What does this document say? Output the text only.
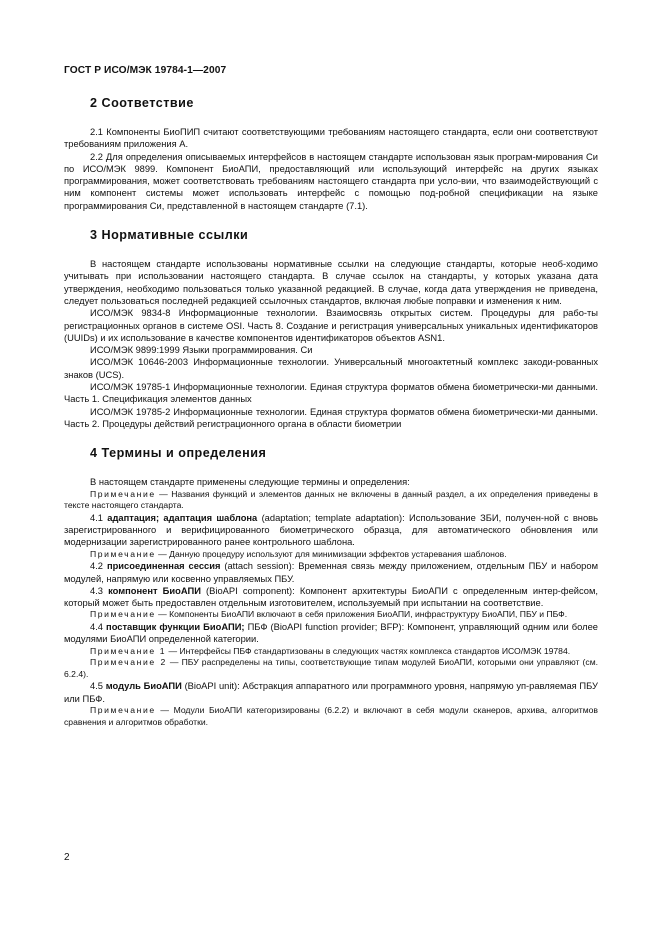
ГОСТ Р ИСО/МЭК 19784-1—2007
2 Соответствие

2.1 Компоненты БиоПИП считают соответствующими требованиям настоящего стандарта, если они соответствуют требованиям приложения А.

2.2 Для определения описываемых интерфейсов в настоящем стандарте использован язык програм-мирования Си по ИСО/МЭК 9899. Компонент БиоАПИ, предоставляющий или использующий интерфейс на других языках программирования, может соответствовать требованиям настоящего стандарта при усло-вии, что взаимодействующий с ним компонент системы может использовать интерфейс с помощью под-робной спецификации на языке программирования Си, представленной в настоящем стандарте (7.1).

3 Нормативные ссылки

В настоящем стандарте использованы нормативные ссылки на следующие стандарты, которые необ-ходимо учитывать при использовании настоящего стандарта. В случае ссылок на стандарты, у которых указана дата утверждения, необходимо пользоваться только указанной редакцией. В случае, когда дата утверждения не приведена, следует пользоваться последней редакцией ссылочных стандартов, включая любые поправки и изменения к ним.

ИСО/МЭК 9834-8 Информационные технологии. Взаимосвязь открытых систем. Процедуры для рабо-ты регистрационных органов в системе OSI. Часть 8. Создание и регистрация универсальных уникальных идентификаторов (UUIDs) и их использование в качестве компонентов идентификаторов объектов ASN1.

ИСО/МЭК 9899:1999 Языки программирования. Си

ИСО/МЭК 10646-2003 Информационные технологии. Универсальный многоактетный комплекс закоди-рованных знаков (UCS).

ИСО/МЭК 19785-1 Информационные технологии. Единая структура форматов обмена биометрически-ми данными. Часть 1. Спецификация элементов данных

ИСО/МЭК 19785-2 Информационные технологии. Единая структура форматов обмена биометрически-ми данными. Часть 2. Процедуры действий регистрационного органа в области биометрии

4 Термины и определения

В настоящем стандарте применены следующие термины и определения:

Примечание — Названия функций и элементов данных не включены в данный раздел, а их определения приведены в тексте настоящего стандарта.

4.1 адаптация; адаптация шаблона (adaptation; template adaptation): Использование ЗБИ, получен-ной с вновь зарегистрированного и верифицированного биометрического образца, для автоматического обновления или модернизации зарегистрированного ранее контрольного шаблона.

Примечание — Данную процедуру используют для минимизации эффектов устаревания шаблонов.

4.2 присоединенная сессия (attach session): Временная связь между приложением, отдельным ПБУ и набором модулей, напрямую или косвенно управляемых ПБУ.

4.3 компонент БиоАПИ (BioAPI component): Компонент архитектуры БиоАПИ с определенным интер-фейсом, который может быть предоставлен отдельным изготовителем, используемый при испытании на соответствие.

Примечание — Компоненты БиоАПИ включают в себя приложения БиоАПИ, инфраструктуру БиоАПИ, ПБУ и ПБФ.

4.4 поставщик функции БиоАПИ; ПБФ (BioAPI function provider; BFP): Компонент, управляющий одним или более модулями БиоАПИ определенной категории.

Примечание 1 — Интерфейсы ПБФ стандартизованы в следующих частях комплекса стандартов ИСО/МЭК 19784.

Примечание 2 — ПБУ распределены на типы, соответствующие типам модулей БиоАПИ, которыми они управляют (см. 6.2.4).

4.5 модуль БиоАПИ (BioAPI unit): Абстракция аппаратного или программного уровня, напрямую уп-равляемая ПБУ или ПБФ.

Примечание — Модули БиоАПИ категоризированы (6.2.2) и включают в себя модули сканеров, архива, алгоритмов сравнения и алгоритмов обработки.

2
